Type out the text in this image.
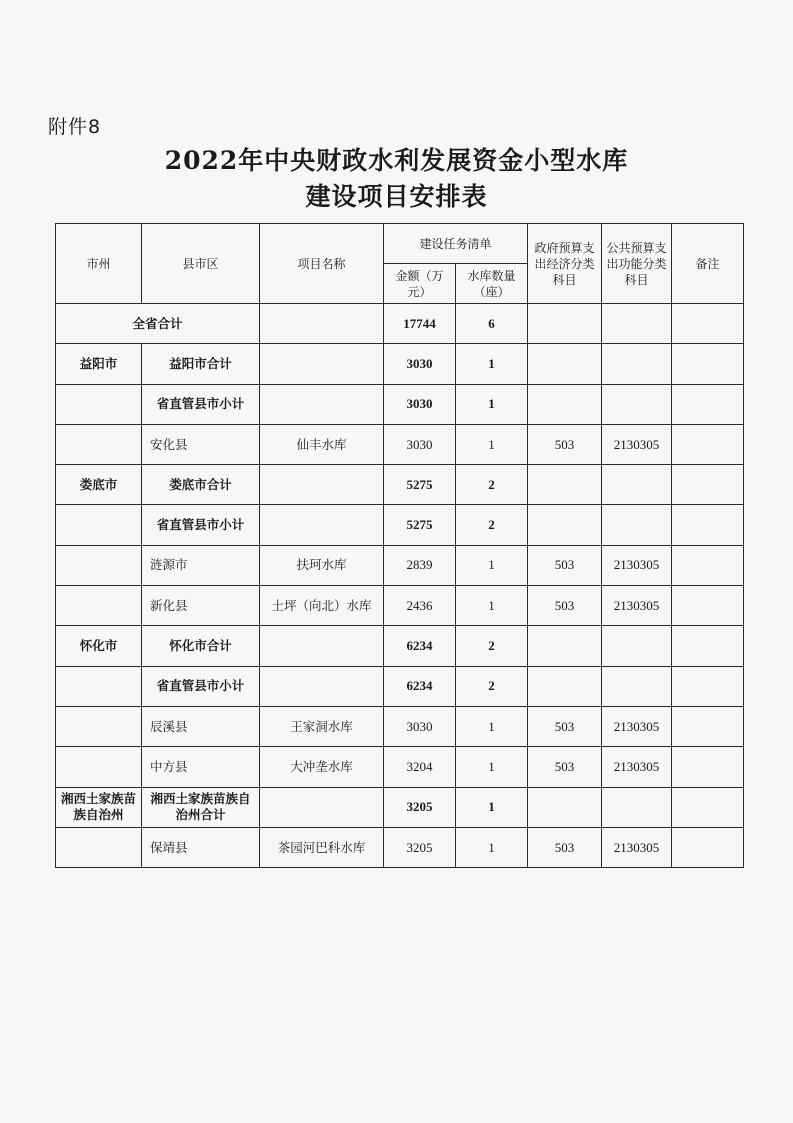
附件8
2022年中央财政水利发展资金小型水库
建设项目安排表
市州	县市区	项目名称	建设任务清单		政府预算支出经济分类科目	公共预算支出功能分类科目	备注
			金额（万元）	水库数量（座）			
全省合计			17744	6			
益阳市	益阳市合计		3030	1			
	省直管县市小计		3030	1			
	安化县	仙丰水库	3030	1	503	2130305	
娄底市	娄底市合计		5275	2			
	省直管县市小计		5275	2			
	涟源市	扶珂水库	2839	1	503	2130305	
	新化县	土坪（向北）水库	2436	1	503	2130305	
怀化市	怀化市合计		6234	2			
	省直管县市小计		6234	2			
	辰溪县	王家洞水库	3030	1	503	2130305	
	中方县	大冲垄水库	3204	1	503	2130305	
湘西土家族苗族自治州	湘西土家族苗族自治州合计		3205	1			
	保靖县	茶园河巴科水库	3205	1	503	2130305	
